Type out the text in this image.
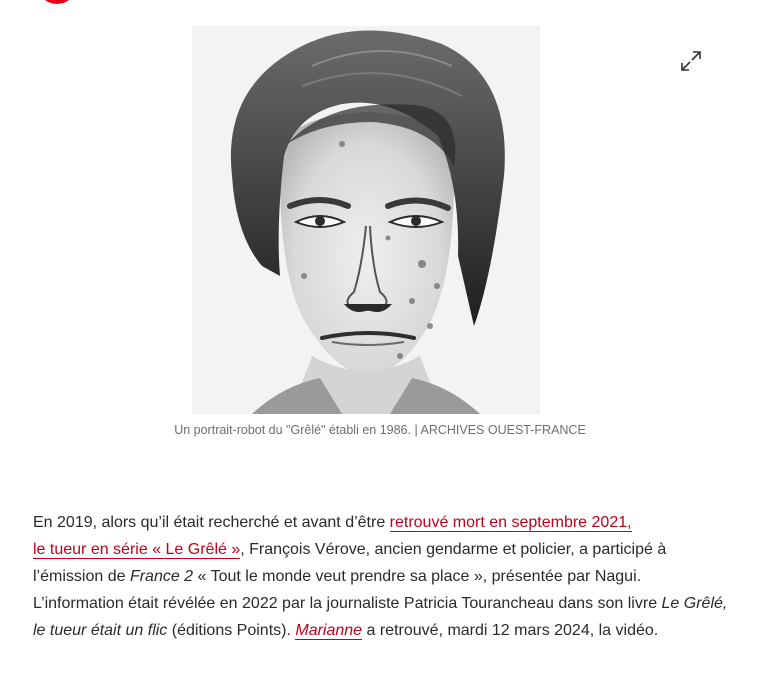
Un portrait-robot du "Grêlé" établi en 1986. | ARCHIVES OUEST-FRANCE

En 2019, alors qu’il était recherché et avant d’être retrouvé mort en septembre 2021,
le tueur en série « Le Grêlé », François Vérove, ancien gendarme et policier, a participé à l’émission de France 2 « Tout le monde veut prendre sa place », présentée par Nagui. L’information était révélée en 2022 par la journaliste Patricia Tourancheau dans son livre Le Grêlé, le tueur était un flic (éditions Points). Marianne a retrouvé, mardi 12 mars 2024, la vidéo.
